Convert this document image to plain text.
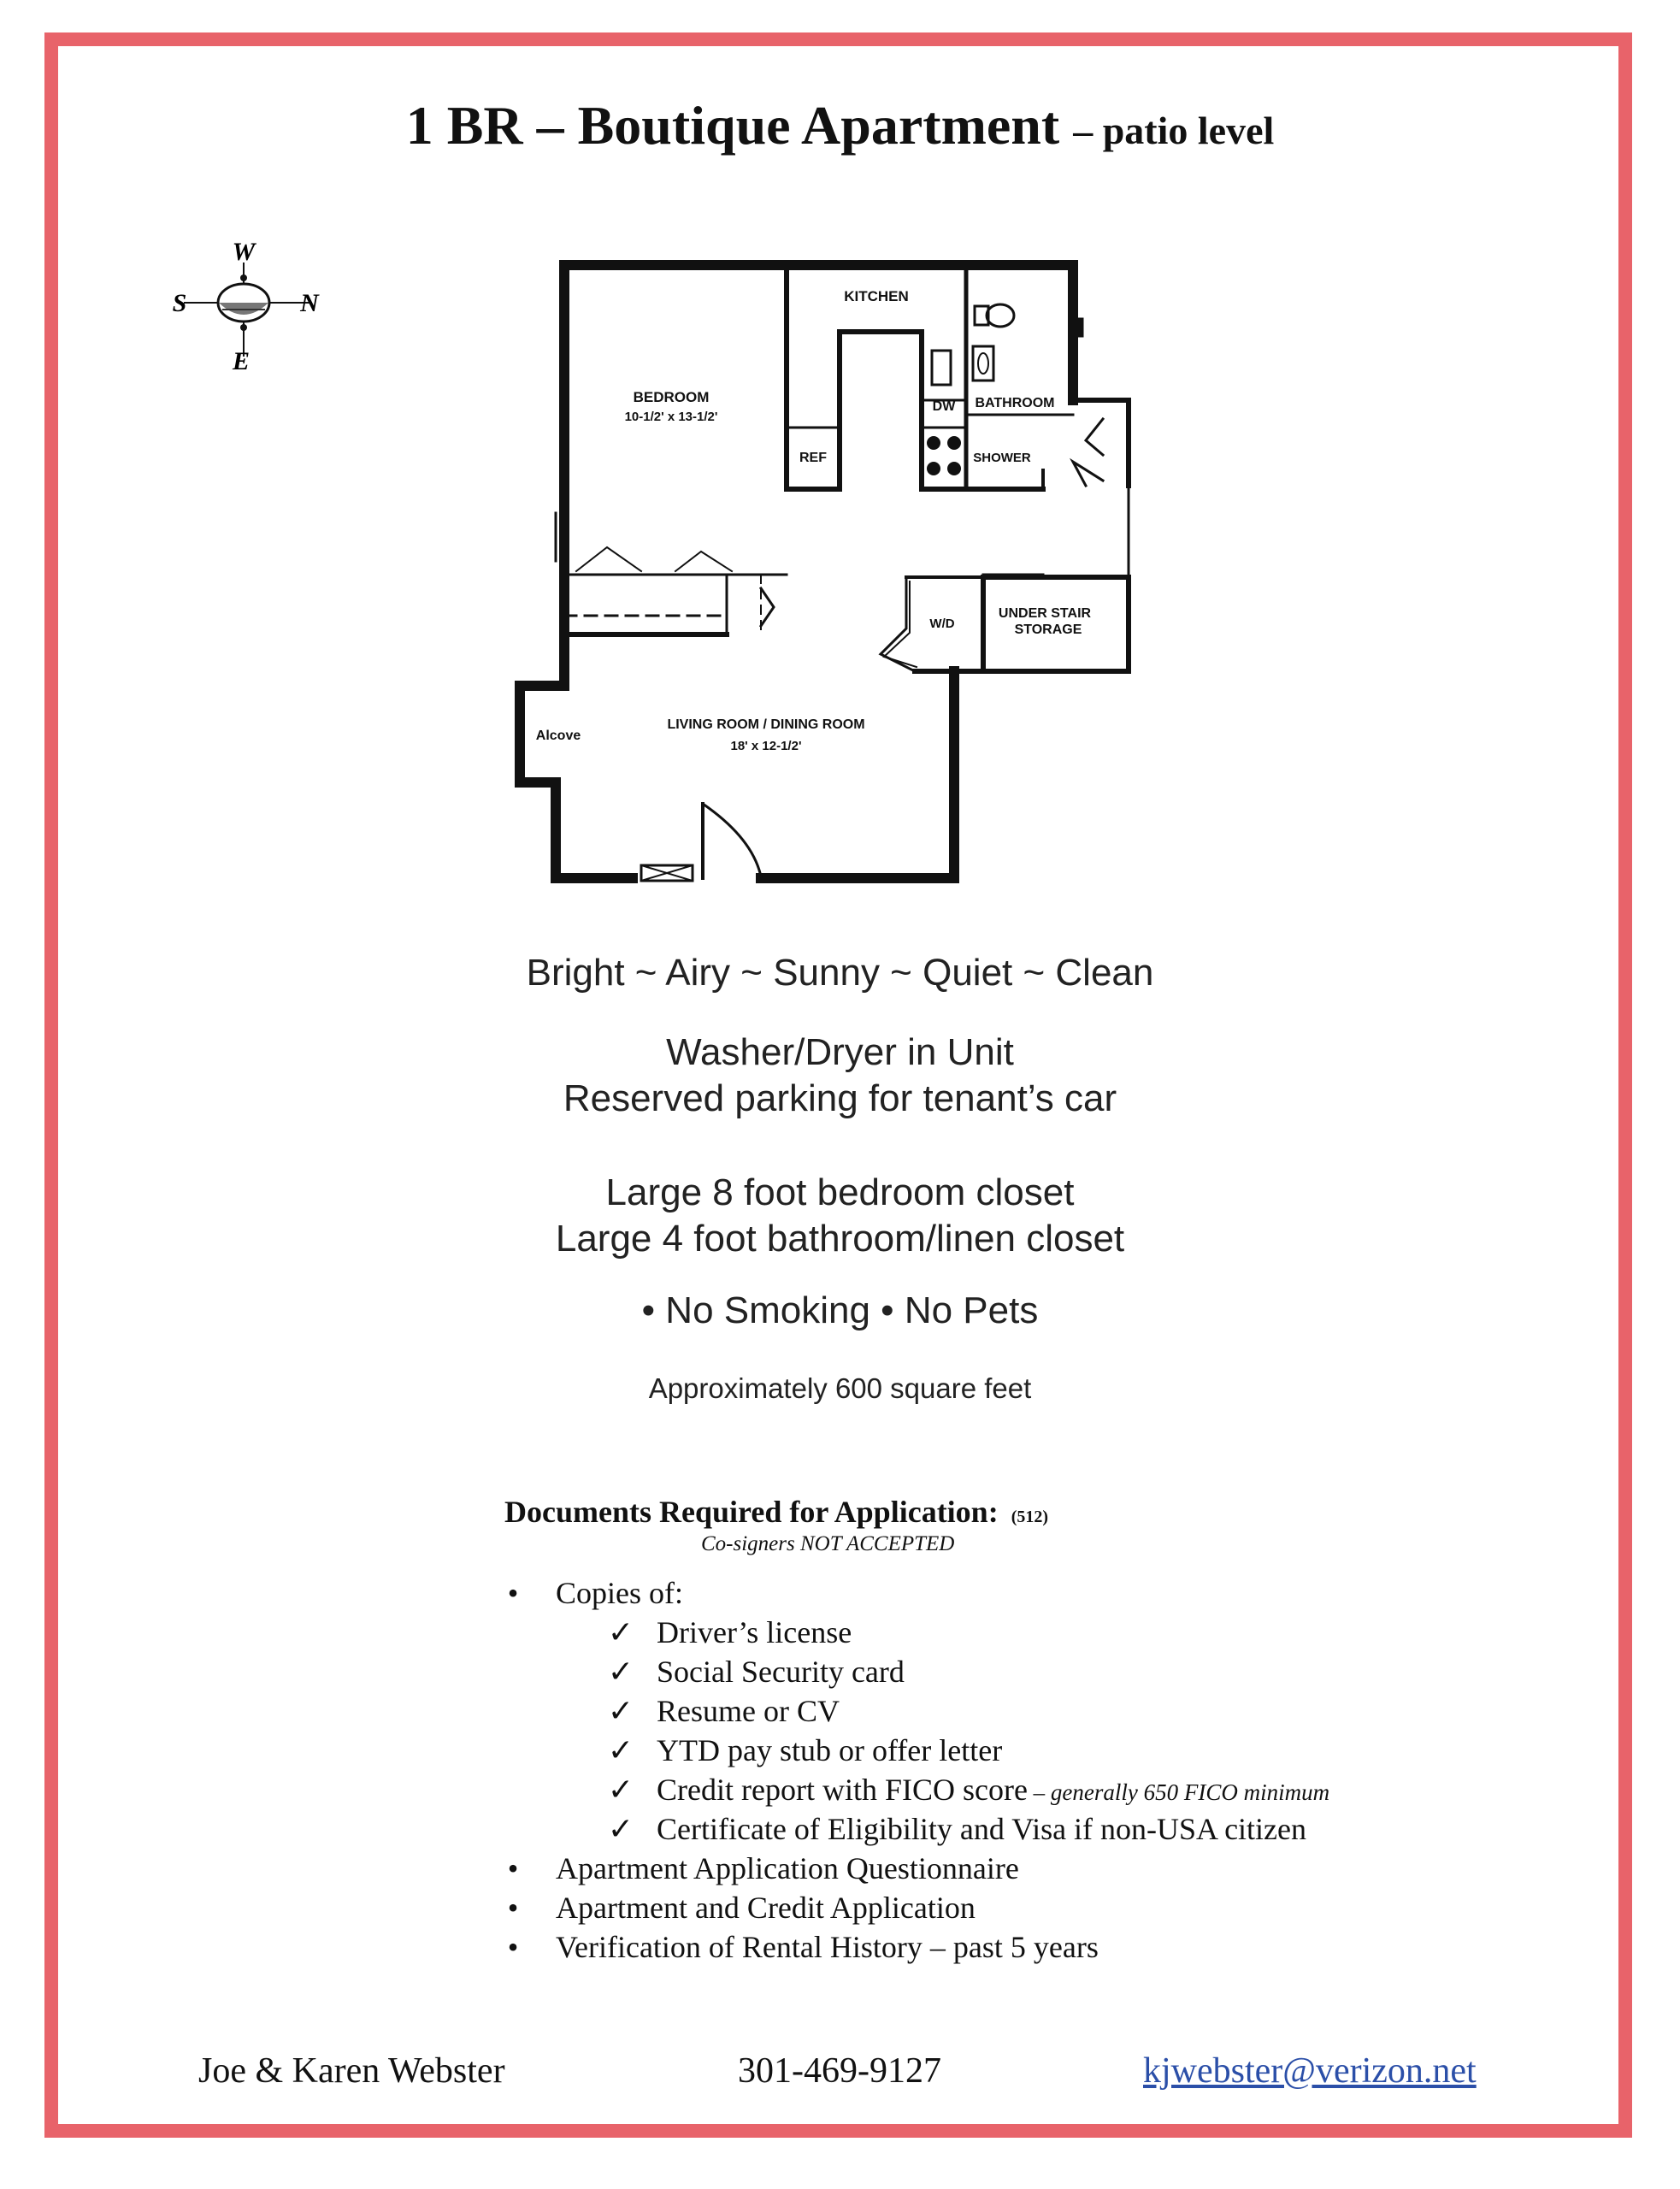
1 BR – Boutique Apartment – patio level
W
S	N
E
KITCHEN
BEDROOM
10-1/2' x 13-1/2'
DW BATHROOM
REF	SHOWER
W/D
UNDER STAIR
STORAGE
Alcove
LIVING ROOM / DINING ROOM
18' x 12-1/2'
Bright ~ Airy ~ Sunny ~ Quiet ~ Clean
Washer/Dryer in Unit
Reserved parking for tenant’s car
Large 8 foot bedroom closet
Large 4 foot bathroom/linen closet
• No Smoking • No Pets
Approximately 600 square feet
Documents Required for Application: (512)
Co-signers NOT ACCEPTED
• Copies of:
✓ Driver’s license
✓ Social Security card
✓ Resume or CV
✓ YTD pay stub or offer letter
✓ Credit report with FICO score – generally 650 FICO minimum
✓ Certificate of Eligibility and Visa if non-USA citizen
• Apartment Application Questionnaire
• Apartment and Credit Application
• Verification of Rental History – past 5 years
Joe & Karen Webster	301-469-9127	kjwebster@verizon.net
